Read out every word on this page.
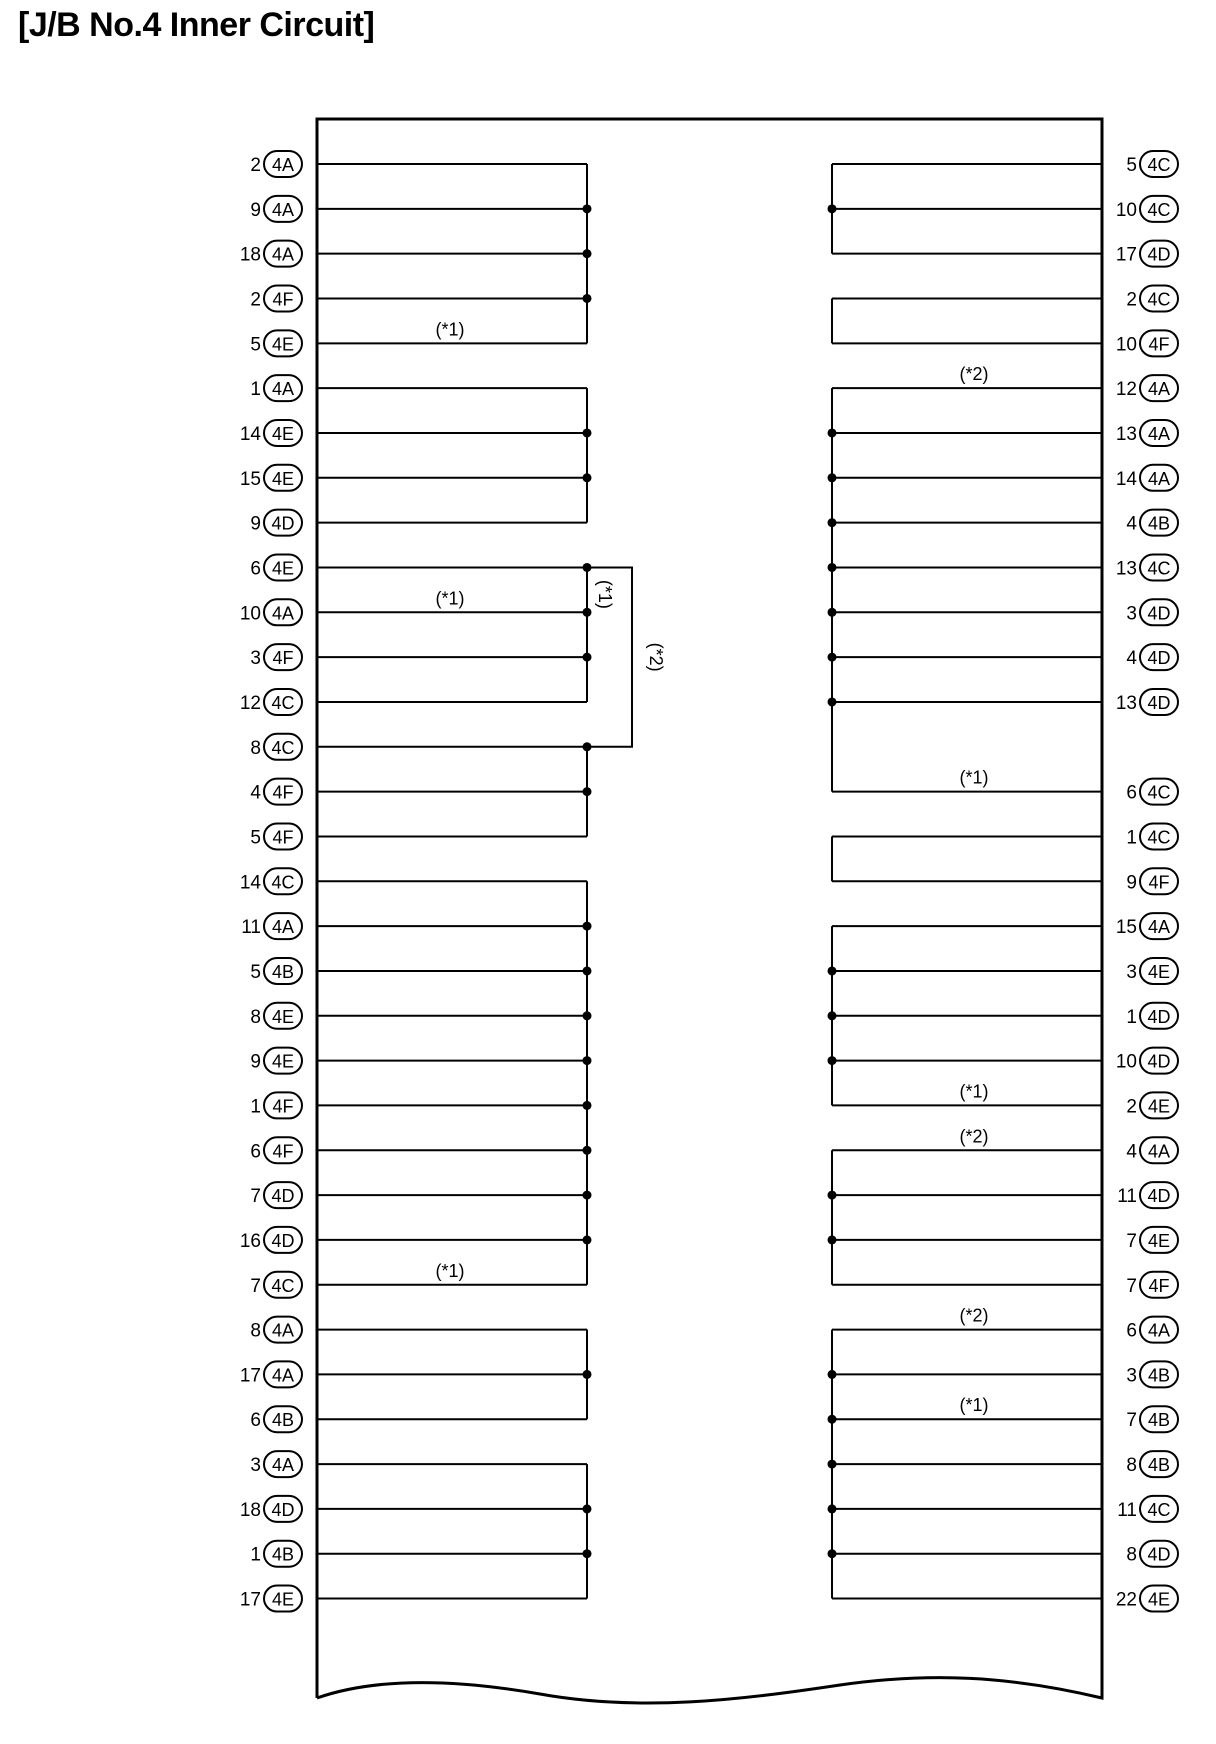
[J/B No.4 Inner Circuit]
2 4A
9 4A
18 4A
2 4F
5 4E
1 4A
14 4E
15 4E
9 4D
6 4E
10 4A
3 4F
12 4C
8 4C
4 4F
5 4F
14 4C
11 4A
5 4B
8 4E
9 4E
1 4F
6 4F
7 4D
16 4D
7 4C
8 4A
17 4A
6 4B
3 4A
18 4D
1 4B
17 4E
5 4C
10 4C
17 4D
2 4C
10 4F
12 4A
13 4A
14 4A
4 4B
13 4C
3 4D
4 4D
13 4D
6 4C
1 4C
9 4F
15 4A
3 4E
1 4D
10 4D
2 4E
4 4A
11 4D
7 4E
7 4F
6 4A
3 4B
7 4B
8 4B
11 4C
8 4D
22 4E
(*2)
(*1)
(*1)
(*1)
(*1)
(*2)
(*1)
(*1)
(*2)
(*2)
(*1)
